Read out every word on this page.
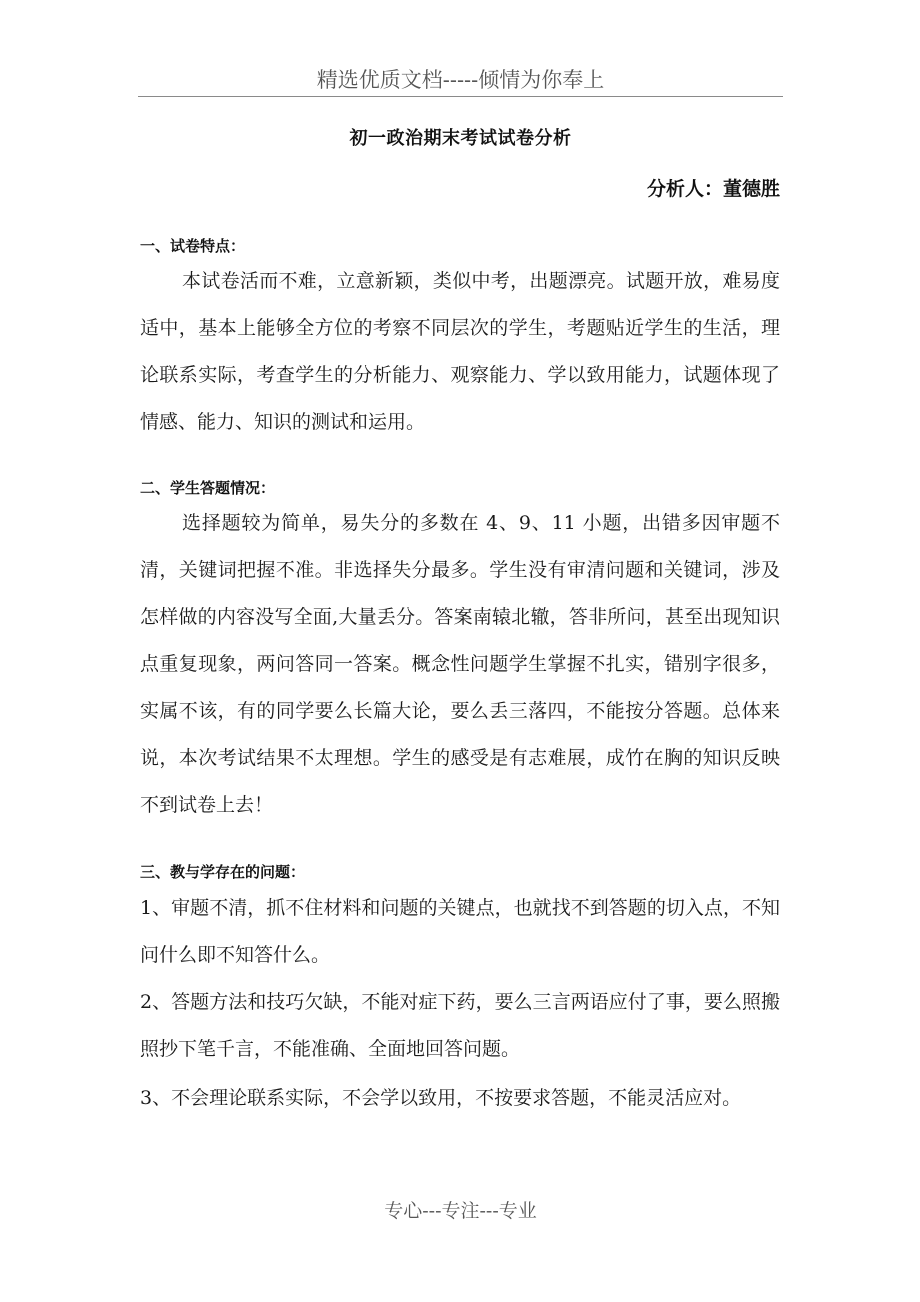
精选优质文档-----倾情为你奉上
初一政治期末考试试卷分析
分析人：董德胜
一、试卷特点：
本试卷活而不难，立意新颖，类似中考，出题漂亮。试题开放，难易度适中，基本上能够全方位的考察不同层次的学生，考题贴近学生的生活，理论联系实际，考查学生的分析能力、观察能力、学以致用能力，试题体现了情感、能力、知识的测试和运用。
二、学生答题情况：
选择题较为简单，易失分的多数在 4、9、11 小题，出错多因审题不清，关键词把握不准。非选择失分最多。学生没有审清问题和关键词，涉及怎样做的内容没写全面,大量丢分。答案南辕北辙，答非所问，甚至出现知识点重复现象，两问答同一答案。概念性问题学生掌握不扎实，错别字很多，实属不该，有的同学要么长篇大论，要么丢三落四，不能按分答题。总体来说，本次考试结果不太理想。学生的感受是有志难展，成竹在胸的知识反映不到试卷上去！
三、教与学存在的问题：
1、审题不清，抓不住材料和问题的关键点，也就找不到答题的切入点，不知问什么即不知答什么。
2、答题方法和技巧欠缺，不能对症下药，要么三言两语应付了事，要么照搬照抄下笔千言，不能准确、全面地回答问题。
3、不会理论联系实际，不会学以致用，不按要求答题，不能灵活应对。
专心---专注---专业
